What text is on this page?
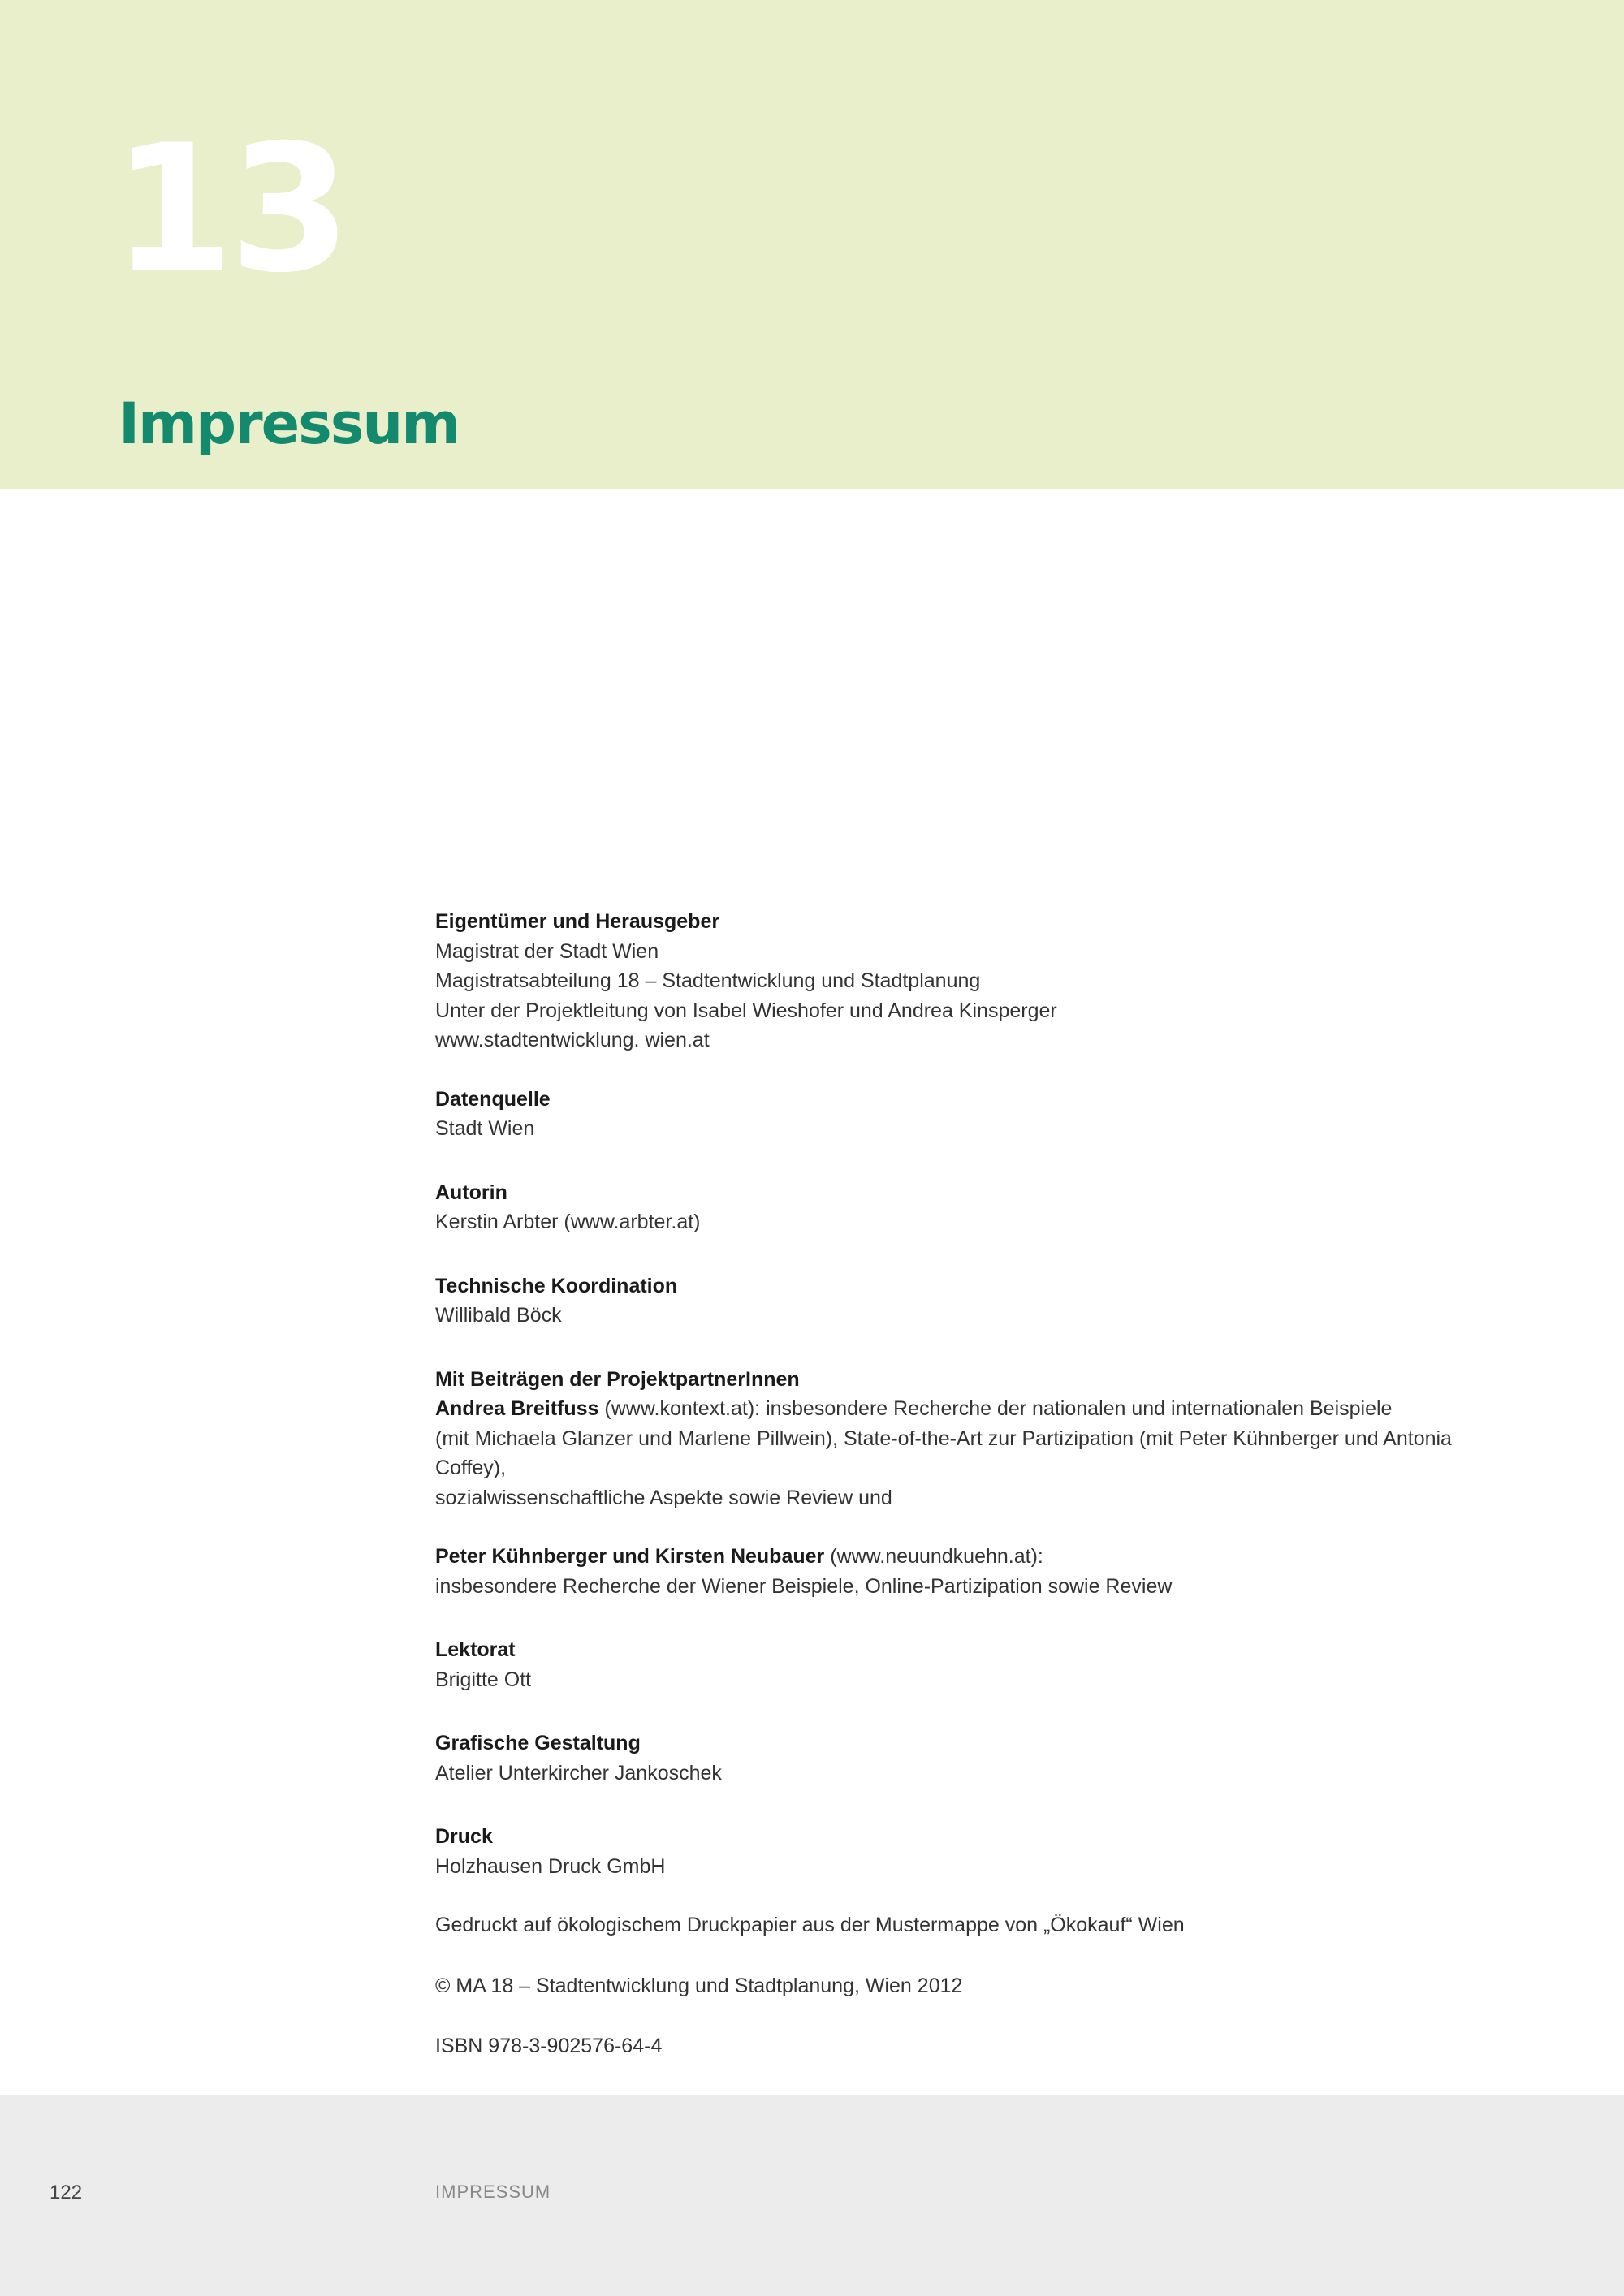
13
Impressum
Eigentümer und Herausgeber
Magistrat der Stadt Wien
Magistratsabteilung 18 – Stadtentwicklung und Stadtplanung
Unter der Projektleitung von Isabel Wieshofer und Andrea Kinsperger
www.stadtentwicklung. wien.at
Datenquelle
Stadt Wien
Autorin
Kerstin Arbter (www.arbter.at)
Technische Koordination
Willibald Böck
Mit Beiträgen der ProjektpartnerInnen
Andrea Breitfuss (www.kontext.at): insbesondere Recherche der nationalen und internationalen Beispiele
(mit Michaela Glanzer und Marlene Pillwein), State-of-the-Art zur Partizipation (mit Peter Kühnberger und Antonia Coffey),
sozialwissenschaftliche Aspekte sowie Review und
Peter Kühnberger und Kirsten Neubauer (www.neuundkuehn.at):
insbesondere Recherche der Wiener Beispiele, Online-Partizipation sowie Review
Lektorat
Brigitte Ott
Grafische Gestaltung
Atelier Unterkircher Jankoschek
Druck
Holzhausen Druck GmbH
Gedruckt auf ökologischem Druckpapier aus der Mustermappe von „Ökokauf“ Wien
© MA 18 – Stadtentwicklung und Stadtplanung, Wien 2012
ISBN 978-3-902576-64-4
122	IMPRESSUM
